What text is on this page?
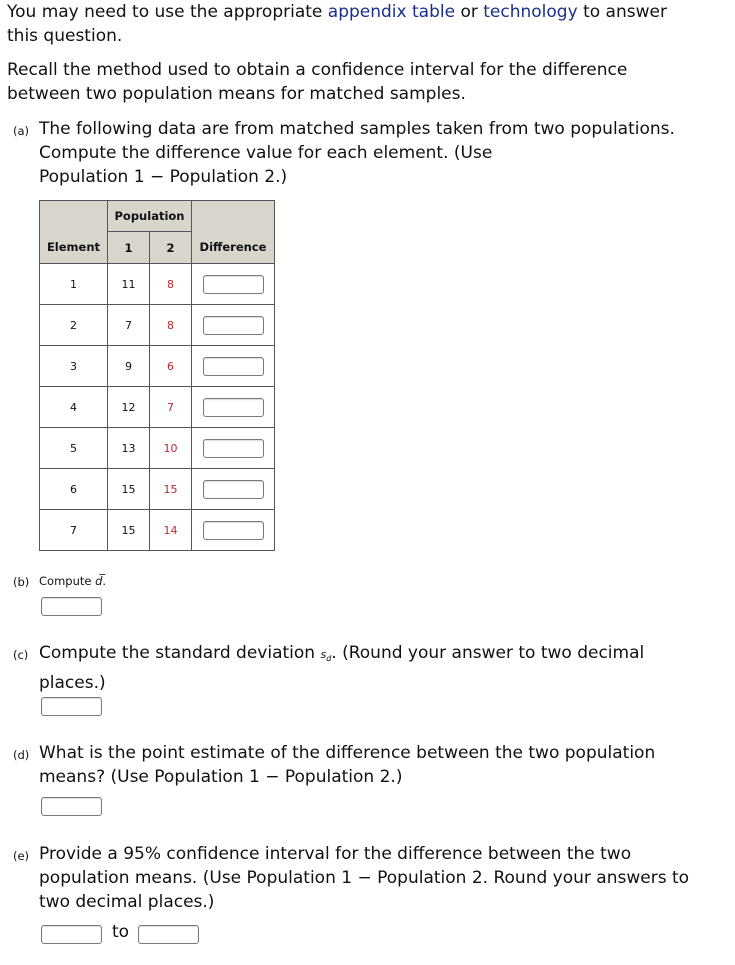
You may need to use the appropriate appendix table or technology to answer
this question.
Recall the method used to obtain a confidence interval for the difference
between two population means for matched samples.
(a) The following data are from matched samples taken from two populations.
Compute the difference value for each element. (Use
Population 1 − Population 2.)
	Population		
Element	1	2	Difference
1	11	8	
2	7	8	
3	9	6	
4	12	7	
5	13	10	
6	15	15	
7	15	14	
(b) Compute d̅.
(c) Compute the standard deviation $s_d$. (Round your answer to two decimal
places.)
(d) What is the point estimate of the difference between the two population
means? (Use Population 1 − Population 2.)
(e) Provide a 95% confidence interval for the difference between the two
population means. (Use Population 1 − Population 2. Round your answers to
two decimal places.)
to
